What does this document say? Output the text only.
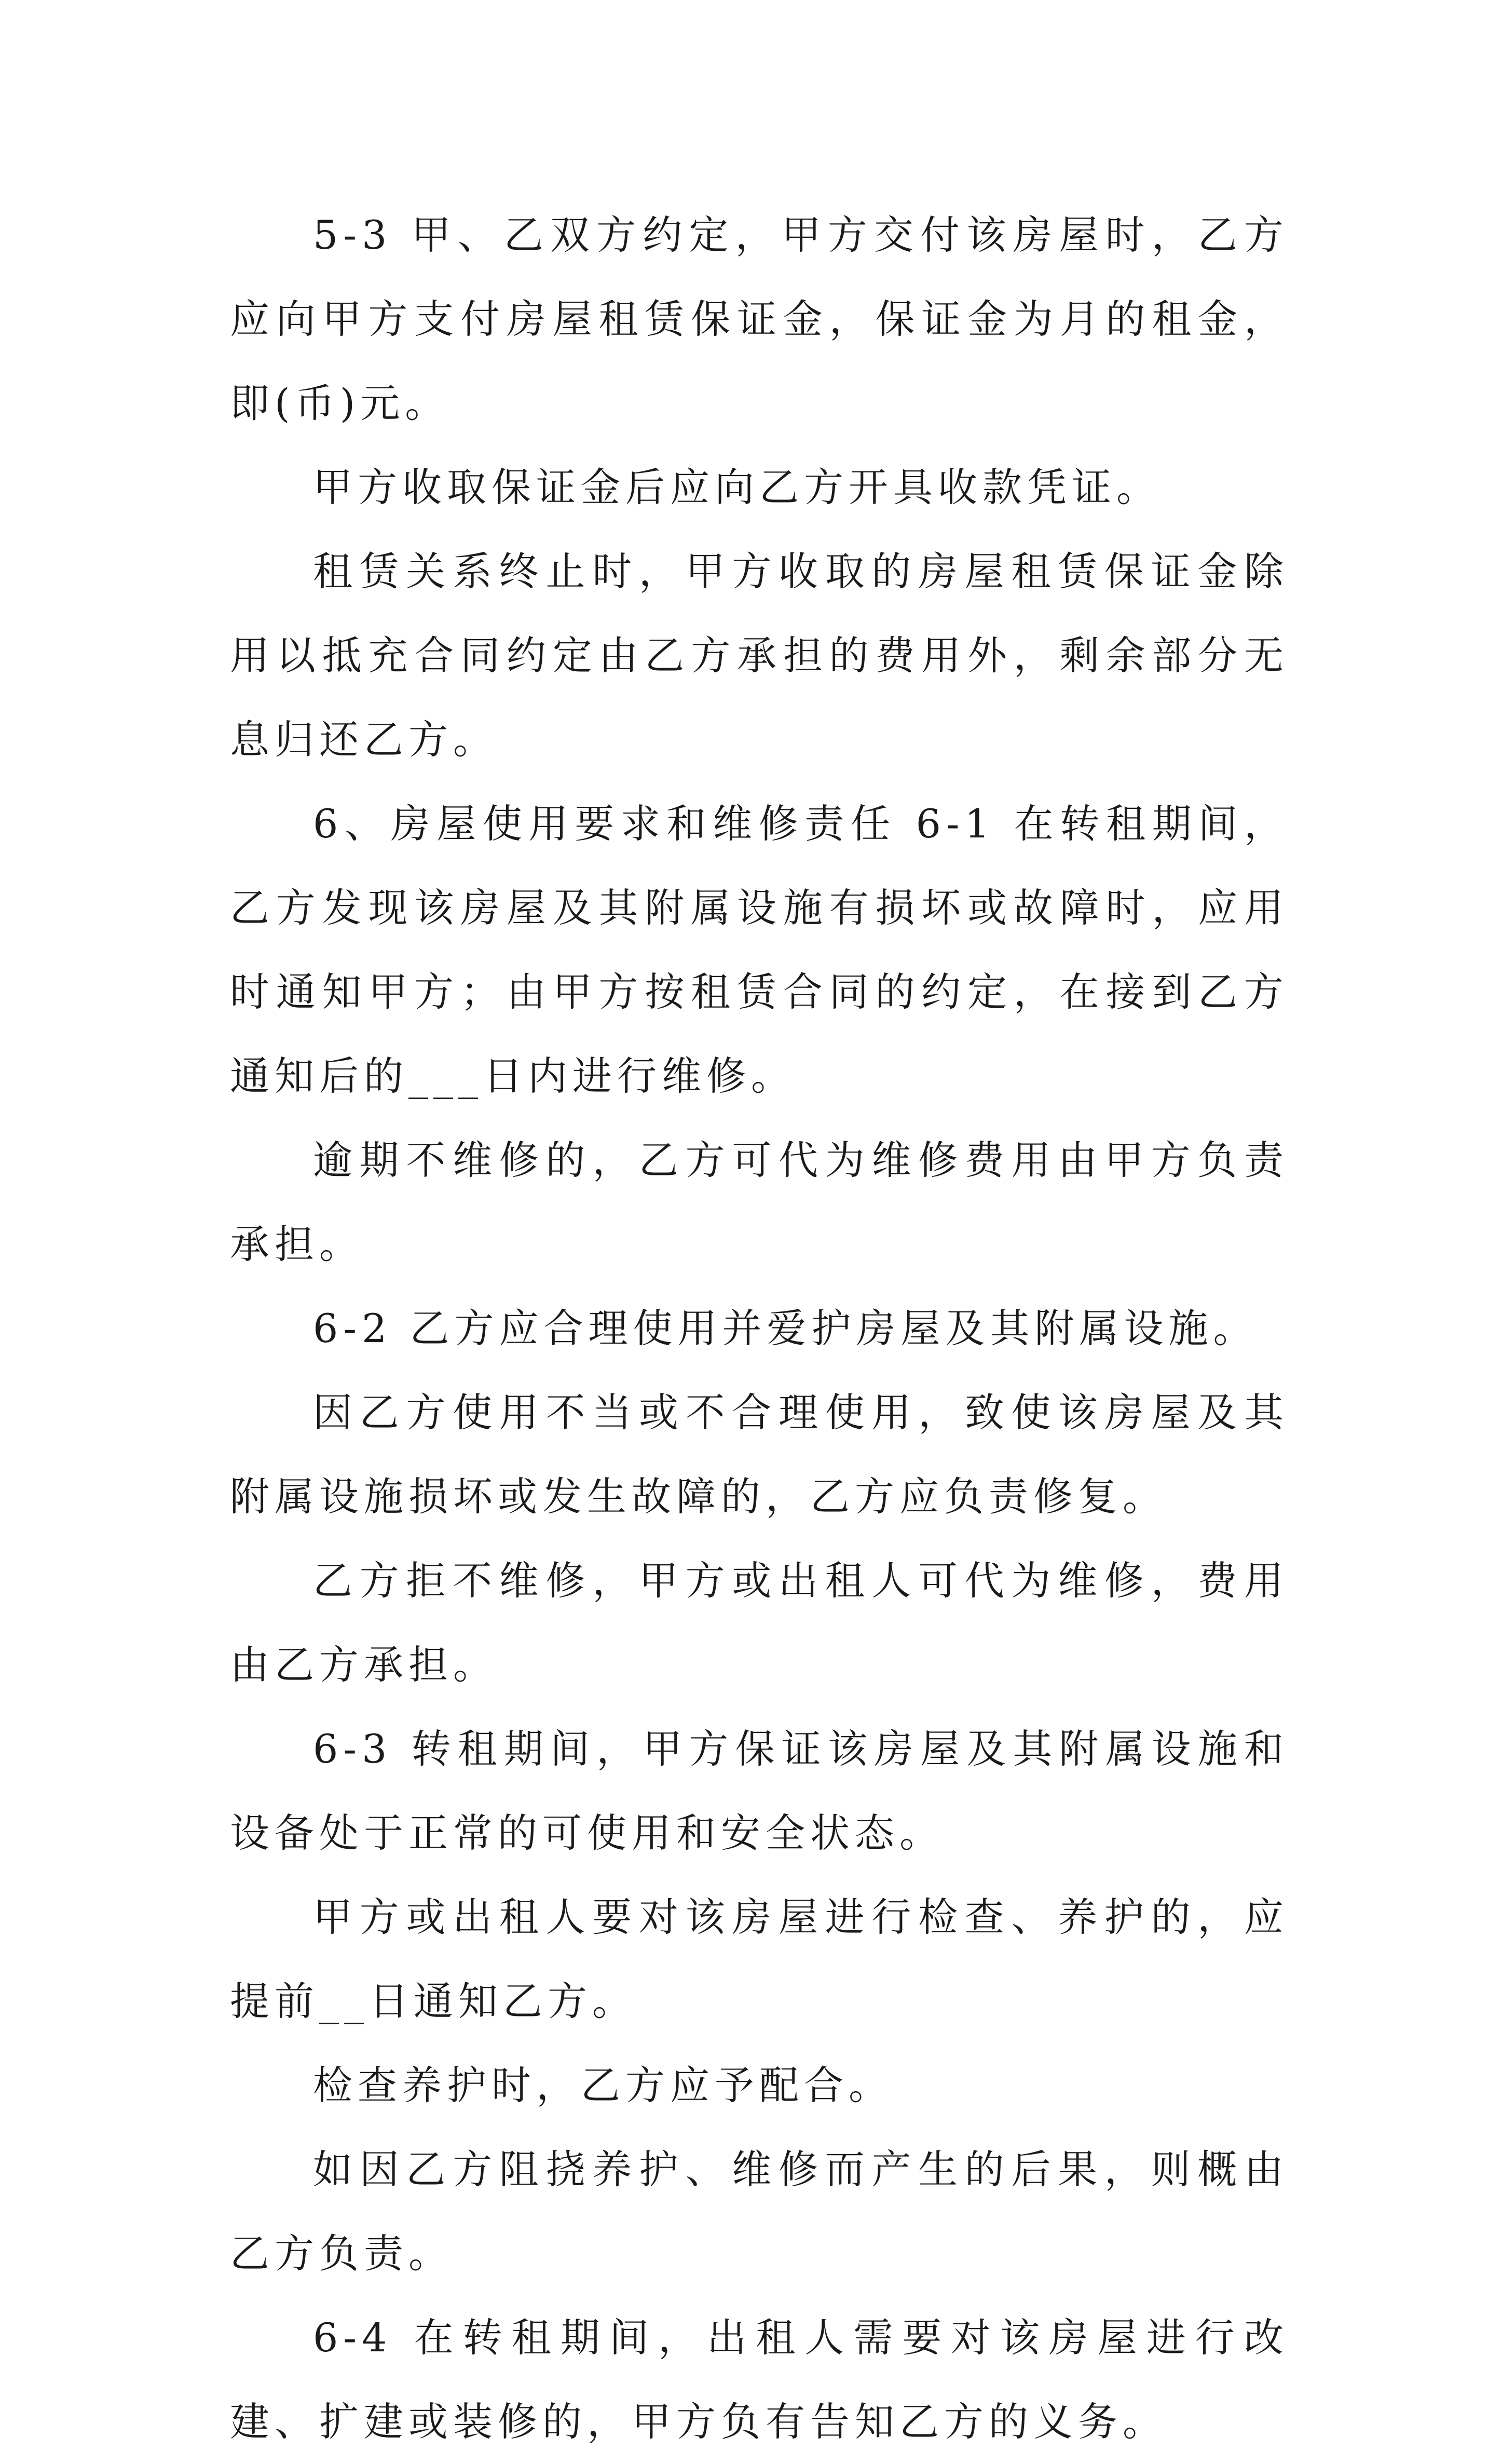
5-3 甲、乙双方约定，甲方交付该房屋时，乙方应向甲方支付房屋租赁保证金，保证金为月的租金，即(币)元。

甲方收取保证金后应向乙方开具收款凭证。

租赁关系终止时，甲方收取的房屋租赁保证金除用以抵充合同约定由乙方承担的费用外，剩余部分无息归还乙方。

6、房屋使用要求和维修责任 6-1 在转租期间，乙方发现该房屋及其附属设施有损坏或故障时，应用时通知甲方；由甲方按租赁合同的约定，在接到乙方通知后的___日内进行维修。

逾期不维修的，乙方可代为维修费用由甲方负责承担。

6-2 乙方应合理使用并爱护房屋及其附属设施。

因乙方使用不当或不合理使用，致使该房屋及其附属设施损坏或发生故障的，乙方应负责修复。

乙方拒不维修，甲方或出租人可代为维修，费用由乙方承担。

6-3 转租期间，甲方保证该房屋及其附属设施和设备处于正常的可使用和安全状态。

甲方或出租人要对该房屋进行检查、养护的，应提前__日通知乙方。

检查养护时，乙方应予配合。

如因乙方阻挠养护、维修而产生的后果，则概由乙方负责。

6-4 在转租期间，出租人需要对该房屋进行改建、扩建或装修的，甲方负有告知乙方的义务。
